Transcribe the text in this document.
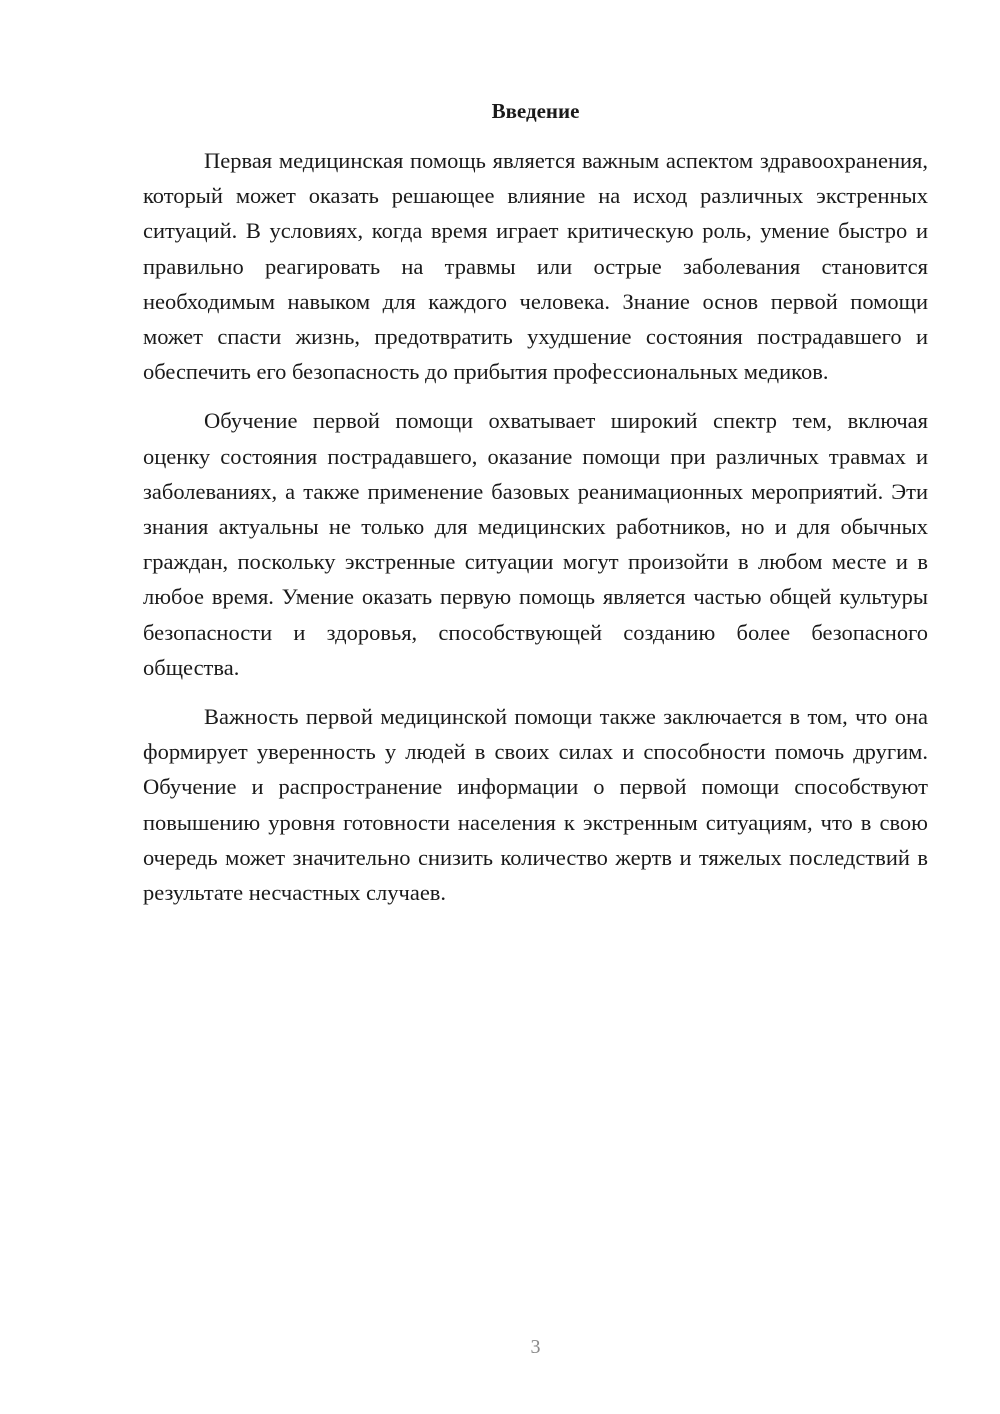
Введение

Первая медицинская помощь является важным аспектом здравоохранения, который может оказать решающее влияние на исход различных экстренных ситуаций. В условиях, когда время играет критическую роль, умение быстро и правильно реагировать на травмы или острые заболевания становится необходимым навыком для каждого человека. Знание основ первой помощи может спасти жизнь, предотвратить ухудшение состояния пострадавшего и обеспечить его безопасность до прибытия профессиональных медиков.

Обучение первой помощи охватывает широкий спектр тем, включая оценку состояния пострадавшего, оказание помощи при различных травмах и заболеваниях, а также применение базовых реанимационных мероприятий. Эти знания актуальны не только для медицинских работников, но и для обычных граждан, поскольку экстренные ситуации могут произойти в любом месте и в любое время. Умение оказать первую помощь является частью общей культуры безопасности и здоровья, способствующей созданию более безопасного общества.

Важность первой медицинской помощи также заключается в том, что она формирует уверенность у людей в своих силах и способности помочь другим. Обучение и распространение информации о первой помощи способствуют повышению уровня готовности населения к экстренным ситуациям, что в свою очередь может значительно снизить количество жертв и тяжелых последствий в результате несчастных случаев.

3
